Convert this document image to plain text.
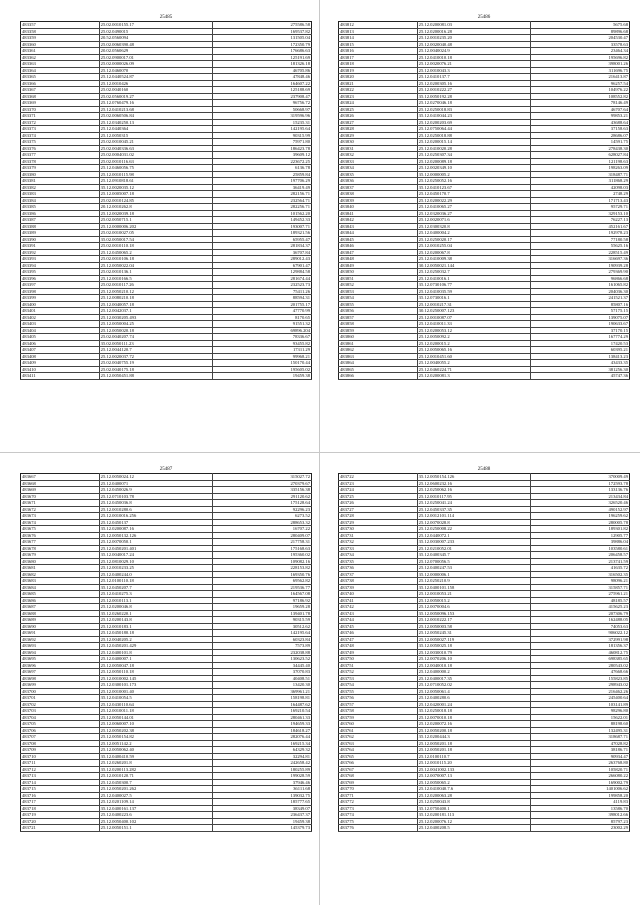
25485
483357	25.02.0010155.17	275586.58
483358	25.02.0490015	169537.82
483359	20.52.0560094	131505.04
483360	25.02.0060390.48	172350.79
483361	20.02.0560629	176686.63
483362	25.02.0900017.01	125191.69
483363	25.02.0000026.09	181326.18
483364	25.12.0460070	46705.86
483365	25.12.0440524.87	47848.46
483366	25.12.0010426	164607.22
483367	25.02.0040160	125188.69
483368	25.02.0560019.27	237908.47
483369	25.12.0760479.16	96756.72
483370	25.12.0410213.68	50668.97
483371	25.02.0060506.84	319596.96
483372	25.12.0340250.13	15235.31
483373	25.12.0440364	142195.64
483374	25.12.0050315	90315.99
483375	25.02.0010045.21	75971.80
483376	25.02.0040336.63	186423.78
483377	25.02.0004031.02	39609.12
483378	25.02.0010116.63	223672.25
483379	25.12.0460056.75	6136.78
483380	25.12.0010115.98	25859.84
483381	25.12.0910818.61	197706.29
483382	35.12.0020035.12	36419.49
483383	25.12.0005007.18	282156.71
483384	25.02.0010124.85	232564.71
483385	20.12.0010262.8	282256.71
483386	25.12.0020039.18	101562.20
483387	25.02.0050715.1	149452.33
483388	25.12.0000006.202	193007.71
483389	25.02.0010027.05	189321.56
483390	35.02.0050017.54	65955.47
483391	25.02.0010110.18	281834.37
483392	25.12.0450065.2	36707.84
483393	25.02.0010106.18	289012.43
483394	25.12.0050022.04	67901.47
483395	25.02.0010136.1	129884.58
483396	25.12.0010166.5	281674.44
483397	25.02.0010117.26	232523.73
483398	25.12.0050210.12	75411.26
483399	25.12.0080210.18	88594.31
483400	25.12.0040057.18	201755.17
483401	25.12.0042037.1	47770.99
483402	25.12.0030205.493	8170.65
483403	25.12.0050004.25	91551.32
483404	25.12.0050020.18	69896.204
483405	25.02.0040207.74	78336.67
483406	35.02.0050111.23	93455.82
483407	25.12.0044120.7	17311.29
483408	25.12.0020037.72	99968.21
483409	25.02.0040755.19	150170.44
483410	25.02.0040175.18	195605.02
483411	25.12.0050451.88	19459.38
25486
483812	25.12.0200081.03	5675.68
483813	25.12.0200016.28	89896.68
483814	25.12.0010235.20	204530.47
483815	25.12.0020040.48	33578.63
483816	25.12.0040024.9	23464.34
483817	25.12.0410010.18	195696.82
483818	25.12.0020076.21	398001.26
483819	25.12.0010043.3	311696.75
483820	25.12.0410137.7	216413.87
483821	25.12.0200305.16	96257.54
483822	25.12.0010222.27	104976.22
483823	35.12.0050192.28	108552.82
483824	25.12.0270046.18	78146.49
483825	25.12.0250018.83	46707.64
483826	35.12.0410044.23	99853.21
483827	25.12.0200203.69	43688.64
483828	25.12.0750064.44	37158.63
483829	25.12.0250018.88	28686.07
483830	25.12.0200015.14	14591.75
483831	25.12.0410020.28	278438.30
483832	25.12.0250307.34	628027.84
483833	25.12.0200089.18	121198.63
483834	25.12.0020349.10	198263.09
483835	35.12.0000005.2	318487.71
483836	25.12.0250052.16	311868.29
483837	35.12.0410123.67	42098.03
483838	25.12.0450170.7	2748.29
483839	25.12.0200022.29	171713.43
483840	25.12.0410065.27	95729.71
483841	25.12.0320036.27	329153.10
483842	25.12.0020071.6	76227.13
483843	25.12.0300320.8	452161.67
483844	25.12.0400004.2	192978.23
483845	25.12.0250020.17	77180.58
483846	25.12.0010255.04	55625.16
483847	25.12.0200067.8	228515.49
483848	25.12.0410009.38	316697.36
483849	30.12.0050021.144	190939.28
483850	25.12.0250032.7	279369.90
483851	25.12.0410016.1	96866.68
483852	35.12.0730106.77	161065.82
483853	25.12.0410035.59	204036.30
483854	35.12.0730016.1	241521.37
483855	25.12.0010217.31	85807.16
483856	30.12.0250007.123	57175.15
483857	25.12.0010087.07	139075.07
483858	25.12.0410011.33	190633.67
483859	25.12.0200053.12	37170.15
483860	25.12.0050092.2	167774.29
483861	25.12.0200015.2	17420.53
483862	25.12.0050065.16	60395.21
483863	25.12.0010451.60	138413.23
483864	25.12.0040055.2	43433.35
483865	25.12.0460224.71	381256.30
483866	25.12.0200081.3	45747.36
25487
483667	25.12.0050024.12	315027.72
483668	25.12.0400071	270379.67
483669	25.12.0450026.9	335156.38
483670	25.12.0710103.78	291120.62
483671	25.12.0450036.8	175128.64
483672	25.12.0010280.6	92296.23
483673	25.12.0010016.256	6273.52
483674	25.12.0450137	288653.32
483675	35.12.0200087.16	16707.22
483676	25.12.0050132.126	280409.07
483677	25.12.0070050.1	217758.31
483678	25.12.0450201.401	175168.63
483679	35.12.0040017.24	195360.02
483680	25.12.0810029.10	109082.16
483681	25.12.0010233.25	228153.82
483682	25.12.0400244.0	169350.76
483683	25.12.0100110.18	69562.82
483684	35.12.0450207.7	219536.77
483685	25.12.0410275.3	164567.08
483686	25.12.0010113.1	97186.92
483687	25.12.0200046.8	19659.28
483688	35.12.0260220.1	139401.78
483689	25.12.0200143.8	90315.59
483690	25.12.0010183.1	30512.62
483691	25.12.0450180.18	142195.64
483692	25.12.0040205.2	60323.84
483693	25.12.0450201.429	7573.89
483694	25.12.0400101.8	232038.88
483695	25.12.0400007.1	130623.52
483696	25.12.0050047.18	34445.40
483697	25.12.0050110.18	37070.83
483698	25.12.0010002.145	40408.51
483699	25.12.0300101.173	13420.30
483700	25.12.0010001.40	369961.21
483701	35.12.0410054.5	158198.81
483702	25.12.0430110.64	164487.62
483703	25.12.0010011.18	169210.54
483704	25.12.0050144.01	280461.33
483705	25.12.0060007.10	194659.33
483706	25.12.0050202.38	184618.27
483707	25.12.0050154.82	282076.44
483708	25.12.0051142.2	169215.34
483709	25.12.0050062.40	64329.32
483710	35.12.0400410.59	32294.81
483711	25.12.0260201.8	242658.42
483712	35.12.0200113.282	180255.89
483713	25.12.0010120.71	199028.59
483714	25.12.0450300.7	37946.46
483715	25.12.0050201.262	36111.68
483716	25.12.0400027.5	139032.75
483717	25.12.0201109.14	185777.65
483718	35.12.0400161.137	38349.07
483719	25.12.0400223.6	236437.37
483720	25.12.0050400.102	19459.38
483721	25.12.0050151.1	145379.73
25488
483722	35.12.0050154.126	370009.49
483723	25.12.0600232.16	172593.78
483724	25.12.0250062.16	133136.76
483725	25.12.0010117.95	213434.84
483726	25.12.0250041.24	326520.46
483727	25.12.0450337.35	490152.97
483728	25.12.0012101.114	196259.62
483729	25.12.0070028.8	280005.78
483730	25.12.0250008.22	189301.82
483731	25.12.0440072.1	12905.77
483732	35.12.0030007.233	39886.04
483733	25.12.0210052.01	103580.61
483734	35.12.0400345.7	206458.57
483735	25.12.0700056.5	213741.59
483736	25.12.0400247.53	41635.72
483737	35.12.0000006.1	316502.35
483738	25.12.0250210.9	98096.21
483739	35.12.0400101.158	315857.71
483740	25.12.0010053.21	275961.21
483741	25.12.0050015.2	48185.57
483742	25.12.0070004.6	415625.23
483743	35.12.0050096.153	207306.79
483744	25.12.0010222.17	162488.05
483745	25.12.0050003.58	74053.63
483746	25.12.0050245.31	906022.12
483747	25.12.0050027.119	372991.98
483748	35.12.0050025.18	181356.37
483749	25.12.0030010.79	460812.75
483750	25.12.0070206.10	698385.65
483751	25.12.0040010.18	280543.02
483752	25.12.0400000.2	47668.66
483753	25.12.0400017.35	155823.85
483754	25.12.0710052.02	298943.02
483755	25.12.0050061.4	216462.26
483756	25.12.0400280.6	245400.64
483757	25.12.0420001.24	103141.89
483758	35.12.0250018.18	98296.80
483759	25.12.0070010.18	15622.01
483760	25.12.0200072.16	88198.60
483761	25.12.0050200.18	132495.31
483762	35.12.0200444.3	318687.71
483763	25.12.0050201.18	47028.82
483764	25.12.0050201.18	38186.71
483765	25.12.0100110.7	90934.47
483766	25.12.0010115.20	263768.80
483767	25.12.0041002.133	105820.71
483768	25.12.0070007.13	266080.22
483769	25.12.0050065.2	169002.79
483770	25.12.0410040.7.6	1401006.62
483771	25.12.0200063.28	199858.20
483772	25.12.0250043.8	4119.83
483773	35.12.0750400.1	13586.70
483774	35.12.0200181.113	398012.66
483775	25.12.0200076.12	85797.23
483776	25.12.0400208.5	23002.29
